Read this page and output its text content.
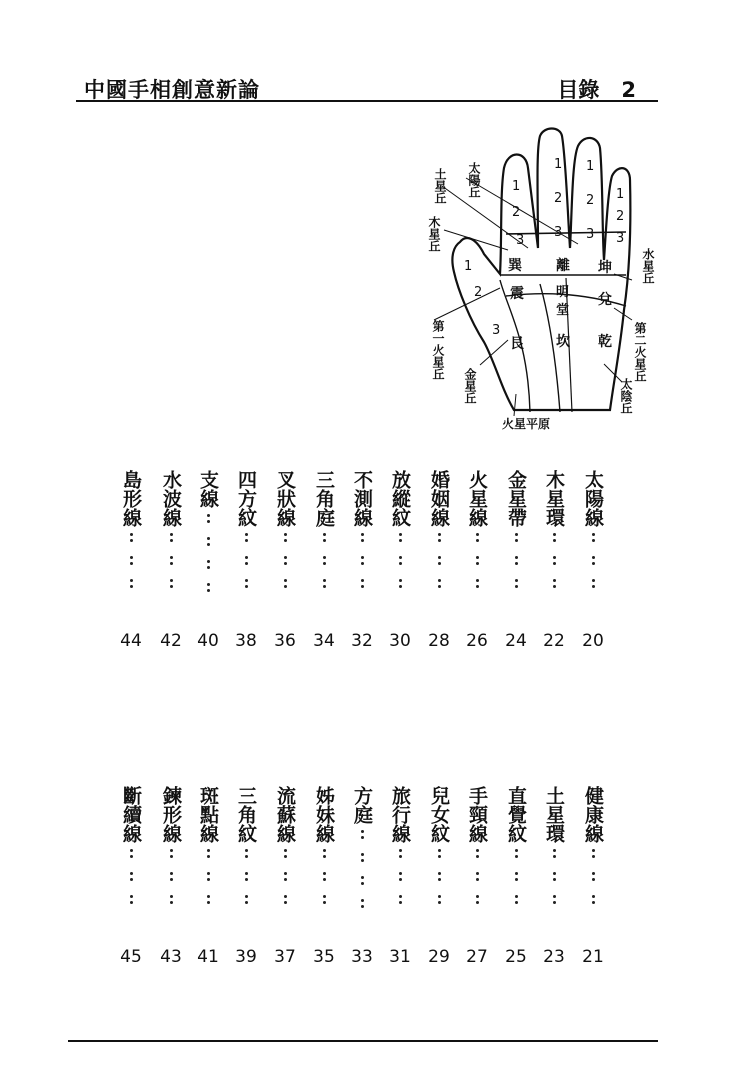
中國手相創意新論	目錄 2
1
2
3
1
2
3
1
2
3
1
2
3
1
2
3
巽 離 坤
震 明
堂
兌
艮 坎 乾
太陽丘
土星丘
木星丘
第一火星丘
金星丘
水星丘
第二火星丘
太陰丘
火星平原
太陽線
20
木星環
22
金星帶
24
火星線
26
婚姻線
28
放縱紋
30
不測線
32
三角庭
34
叉狀線
36
四方紋
38
支線
40
水波線
42
島形線
44
健康線
21
土星環
23
直覺紋
25
手頸線
27
兒女紋
29
旅行線
31
方庭
33
姊妹線
35
流蘇線
37
三角紋
39
斑點線
41
鍊形線
43
斷續線
45
